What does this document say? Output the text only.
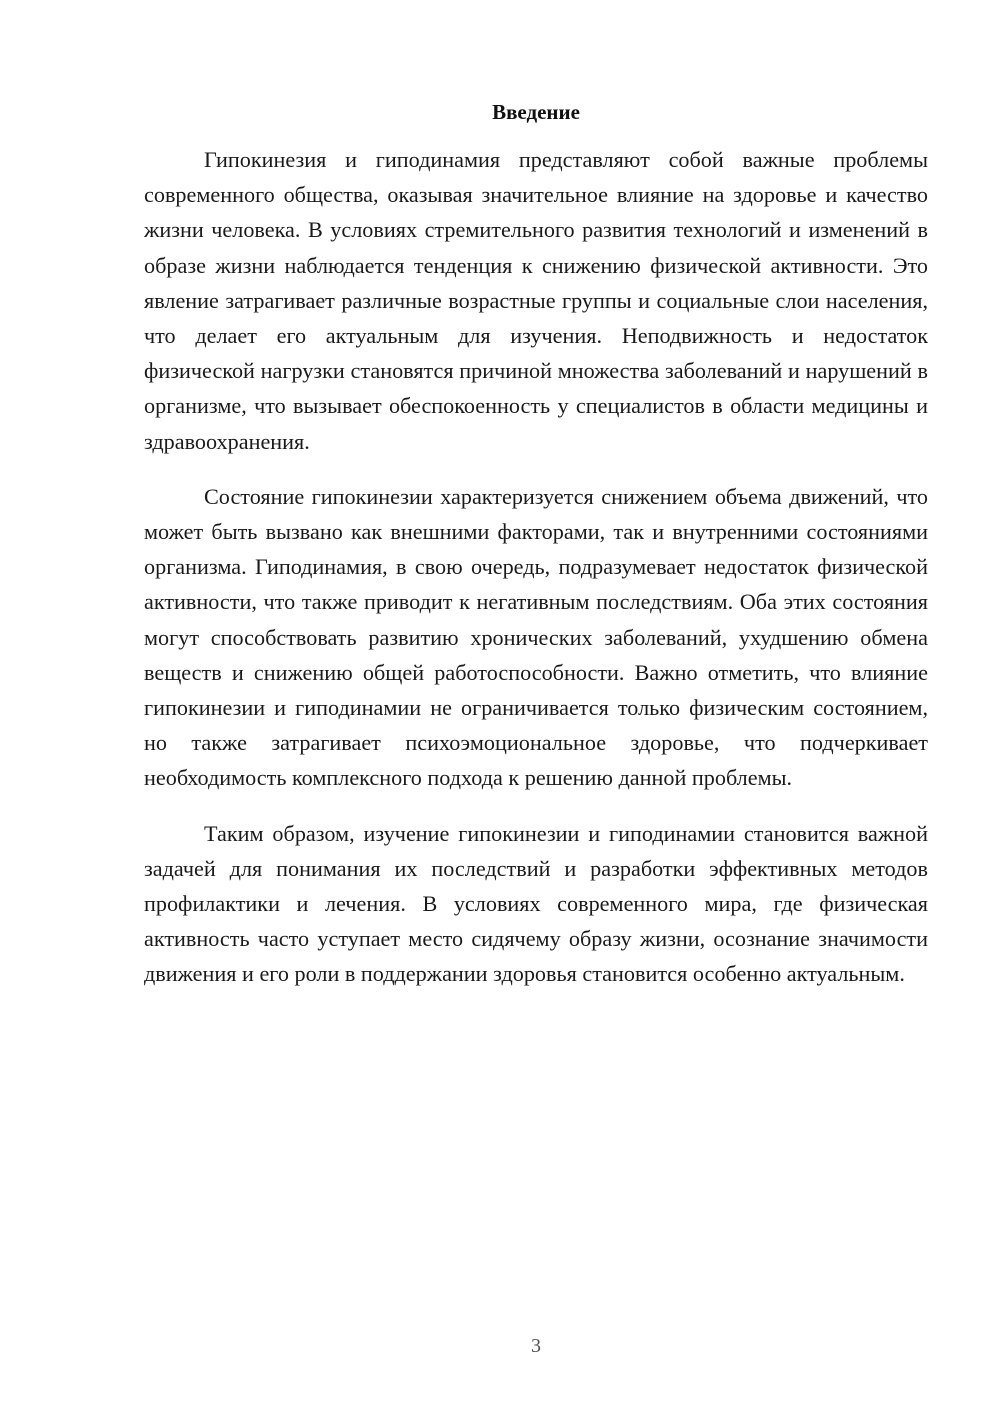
Введение

Гипокинезия и гиподинамия представляют собой важные проблемы современного общества, оказывая значительное влияние на здоровье и качество жизни человека. В условиях стремительного развития технологий и изменений в образе жизни наблюдается тенденция к снижению физической активности. Это явление затрагивает различные возрастные группы и социальные слои населения, что делает его актуальным для изучения. Неподвижность и недостаток физической нагрузки становятся причиной множества заболеваний и нарушений в организме, что вызывает обеспокоенность у специалистов в области медицины и здравоохранения.

Состояние гипокинезии характеризуется снижением объема движений, что может быть вызвано как внешними факторами, так и внутренними состояниями организма. Гиподинамия, в свою очередь, подразумевает недостаток физической активности, что также приводит к негативным последствиям. Оба этих состояния могут способствовать развитию хронических заболеваний, ухудшению обмена веществ и снижению общей работоспособности. Важно отметить, что влияние гипокинезии и гиподинамии не ограничивается только физическим состоянием, но также затрагивает психоэмоциональное здоровье, что подчеркивает необходимость комплексного подхода к решению данной проблемы.

Таким образом, изучение гипокинезии и гиподинамии становится важной задачей для понимания их последствий и разработки эффективных методов профилактики и лечения. В условиях современного мира, где физическая активность часто уступает место сидячему образу жизни, осознание значимости движения и его роли в поддержании здоровья становится особенно актуальным.

3
